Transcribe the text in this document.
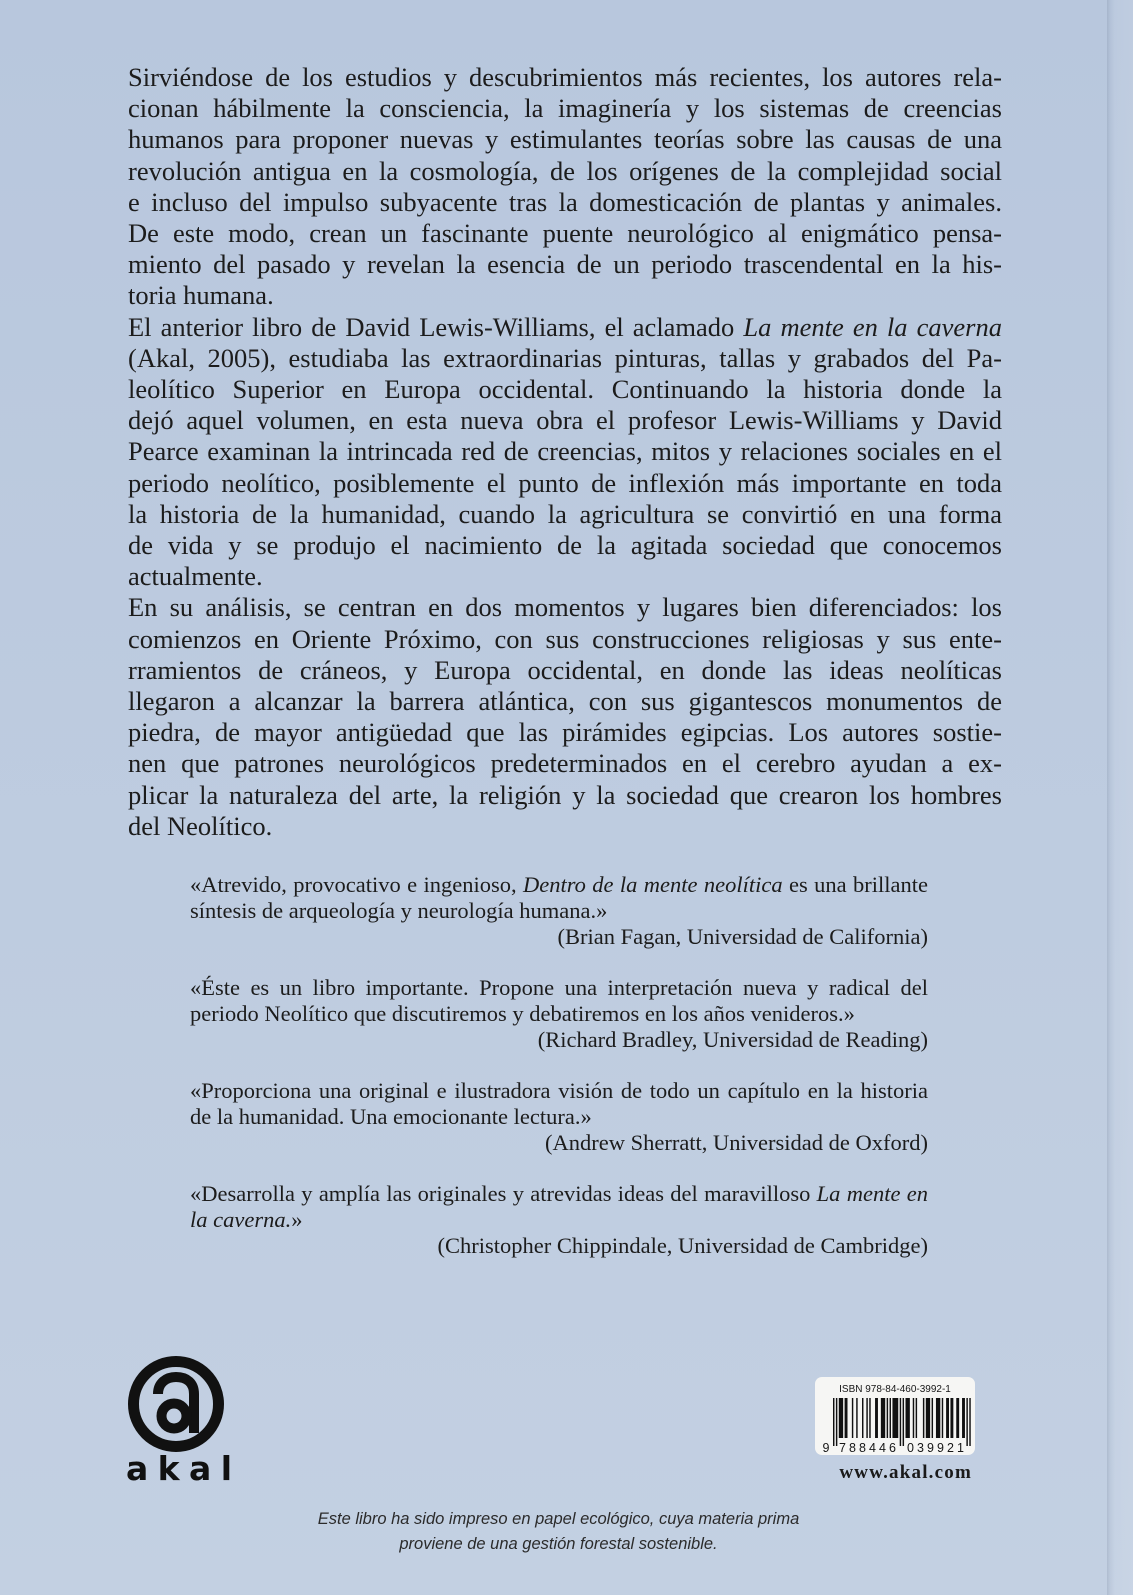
Sirviéndose de los estudios y descubrimientos más recientes, los autores rela-
cionan hábilmente la consciencia, la imaginería y los sistemas de creencias
humanos para proponer nuevas y estimulantes teorías sobre las causas de una
revolución antigua en la cosmología, de los orígenes de la complejidad social
e incluso del impulso subyacente tras la domesticación de plantas y animales.
De este modo, crean un fascinante puente neurológico al enigmático pensa-
miento del pasado y revelan la esencia de un periodo trascendental en la his-
toria humana.
El anterior libro de David Lewis-Williams, el aclamado La mente en la caverna
(Akal, 2005), estudiaba las extraordinarias pinturas, tallas y grabados del Pa-
leolítico Superior en Europa occidental. Continuando la historia donde la
dejó aquel volumen, en esta nueva obra el profesor Lewis-Williams y David
Pearce examinan la intrincada red de creencias, mitos y relaciones sociales en el
periodo neolítico, posiblemente el punto de inflexión más importante en toda
la historia de la humanidad, cuando la agricultura se convirtió en una forma
de vida y se produjo el nacimiento de la agitada sociedad que conocemos
actualmente.
En su análisis, se centran en dos momentos y lugares bien diferenciados: los
comienzos en Oriente Próximo, con sus construcciones religiosas y sus ente-
rramientos de cráneos, y Europa occidental, en donde las ideas neolíticas
llegaron a alcanzar la barrera atlántica, con sus gigantescos monumentos de
piedra, de mayor antigüedad que las pirámides egipcias. Los autores sostie-
nen que patrones neurológicos predeterminados en el cerebro ayudan a ex-
plicar la naturaleza del arte, la religión y la sociedad que crearon los hombres
del Neolítico.
«Atrevido, provocativo e ingenioso, Dentro de la mente neolítica es una brillante
síntesis de arqueología y neurología humana.»
(Brian Fagan, Universidad de California)
«Éste es un libro importante. Propone una interpretación nueva y radical del
periodo Neolítico que discutiremos y debatiremos en los años venideros.»
(Richard Bradley, Universidad de Reading)
«Proporciona una original e ilustradora visión de todo un capítulo en la historia
de la humanidad. Una emocionante lectura.»
(Andrew Sherratt, Universidad de Oxford)
«Desarrolla y amplía las originales y atrevidas ideas del maravilloso La mente en
la caverna.»
(Christopher Chippindale, Universidad de Cambridge)
akal
ISBN 978-84-460-3992-1
9 788446 039921
www.akal.com
Este libro ha sido impreso en papel ecológico, cuya materia prima
proviene de una gestión forestal sostenible.
